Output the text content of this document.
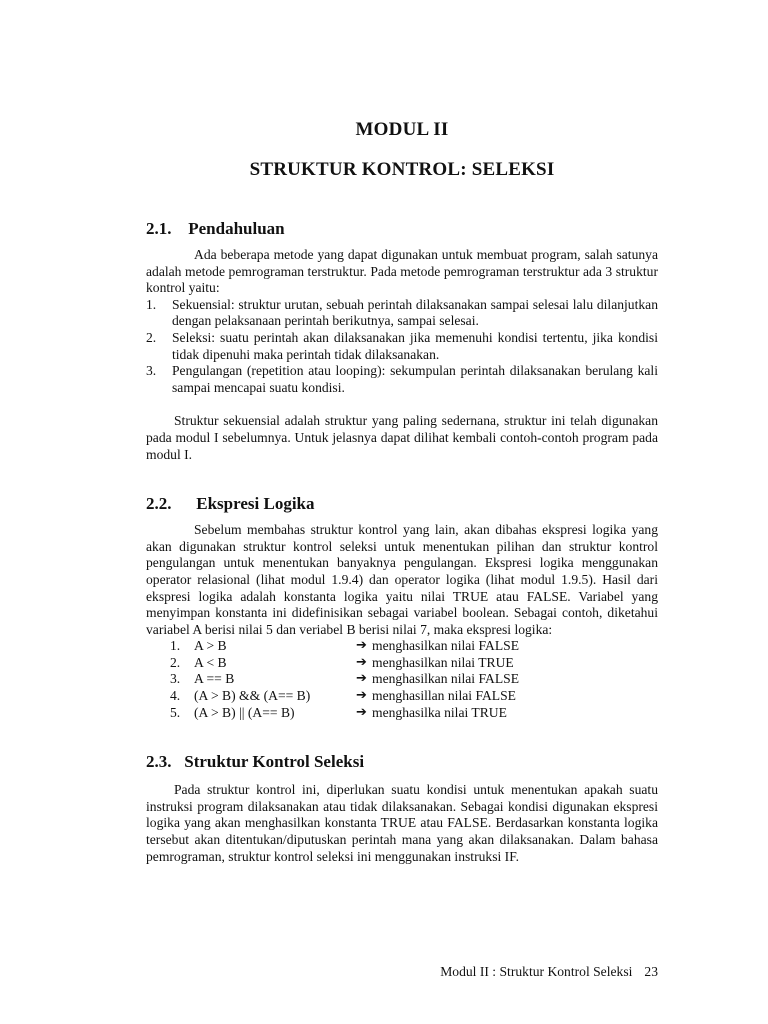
MODUL II
STRUKTUR KONTROL: SELEKSI
2.1. Pendahuluan

Ada beberapa metode yang dapat digunakan untuk membuat program, salah satunya adalah metode pemrograman terstruktur. Pada metode pemrograman terstruktur ada 3 struktur kontrol yaitu:

1. Sekuensial: struktur urutan, sebuah perintah dilaksanakan sampai selesai lalu dilanjutkan dengan pelaksanaan perintah berikutnya, sampai selesai.
2. Seleksi: suatu perintah akan dilaksanakan jika memenuhi kondisi tertentu, jika kondisi tidak dipenuhi maka perintah tidak dilaksanakan.
3. Pengulangan (repetition atau looping): sekumpulan perintah dilaksanakan berulang kali sampai mencapai suatu kondisi.

Struktur sekuensial adalah struktur yang paling sedernana, struktur ini telah digunakan pada modul I sebelumnya. Untuk jelasnya dapat dilihat kembali contoh-contoh program pada modul I.

2.2. Ekspresi Logika

Sebelum membahas struktur kontrol yang lain, akan dibahas ekspresi logika yang akan digunakan struktur kontrol seleksi untuk menentukan pilihan dan struktur kontrol pengulangan untuk menentukan banyaknya pengulangan. Ekspresi logika menggunakan operator relasional (lihat modul 1.9.4) dan operator logika (lihat modul 1.9.5). Hasil dari ekspresi logika adalah konstanta logika yaitu nilai TRUE atau FALSE. Variabel yang menyimpan konstanta ini didefinisikan sebagai variabel boolean. Sebagai contoh, diketahui variabel A berisi nilai 5 dan veriabel B berisi nilai 7, maka ekspresi logika:

1.	A > B	➔ menghasilkan nilai FALSE
2.	A < B	➔ menghasilkan nilai TRUE
3.	A == B	➔ menghasilkan nilai FALSE
4.	(A > B) && (A== B)	➔ menghasillan nilai FALSE
5.	(A > B) || (A== B)	➔ menghasilka nilai TRUE
2.3. Struktur Kontrol Seleksi

Pada struktur kontrol ini, diperlukan suatu kondisi untuk menentukan apakah suatu instruksi program dilaksanakan atau tidak dilaksanakan. Sebagai kondisi digunakan ekspresi logika yang akan menghasilkan konstanta TRUE atau FALSE. Berdasarkan konstanta logika tersebut akan ditentukan/diputuskan perintah mana yang akan dilaksanakan. Dalam bahasa pemrograman, struktur kontrol seleksi ini menggunakan instruksi IF.

Modul II : Struktur Kontrol Seleksi 23
